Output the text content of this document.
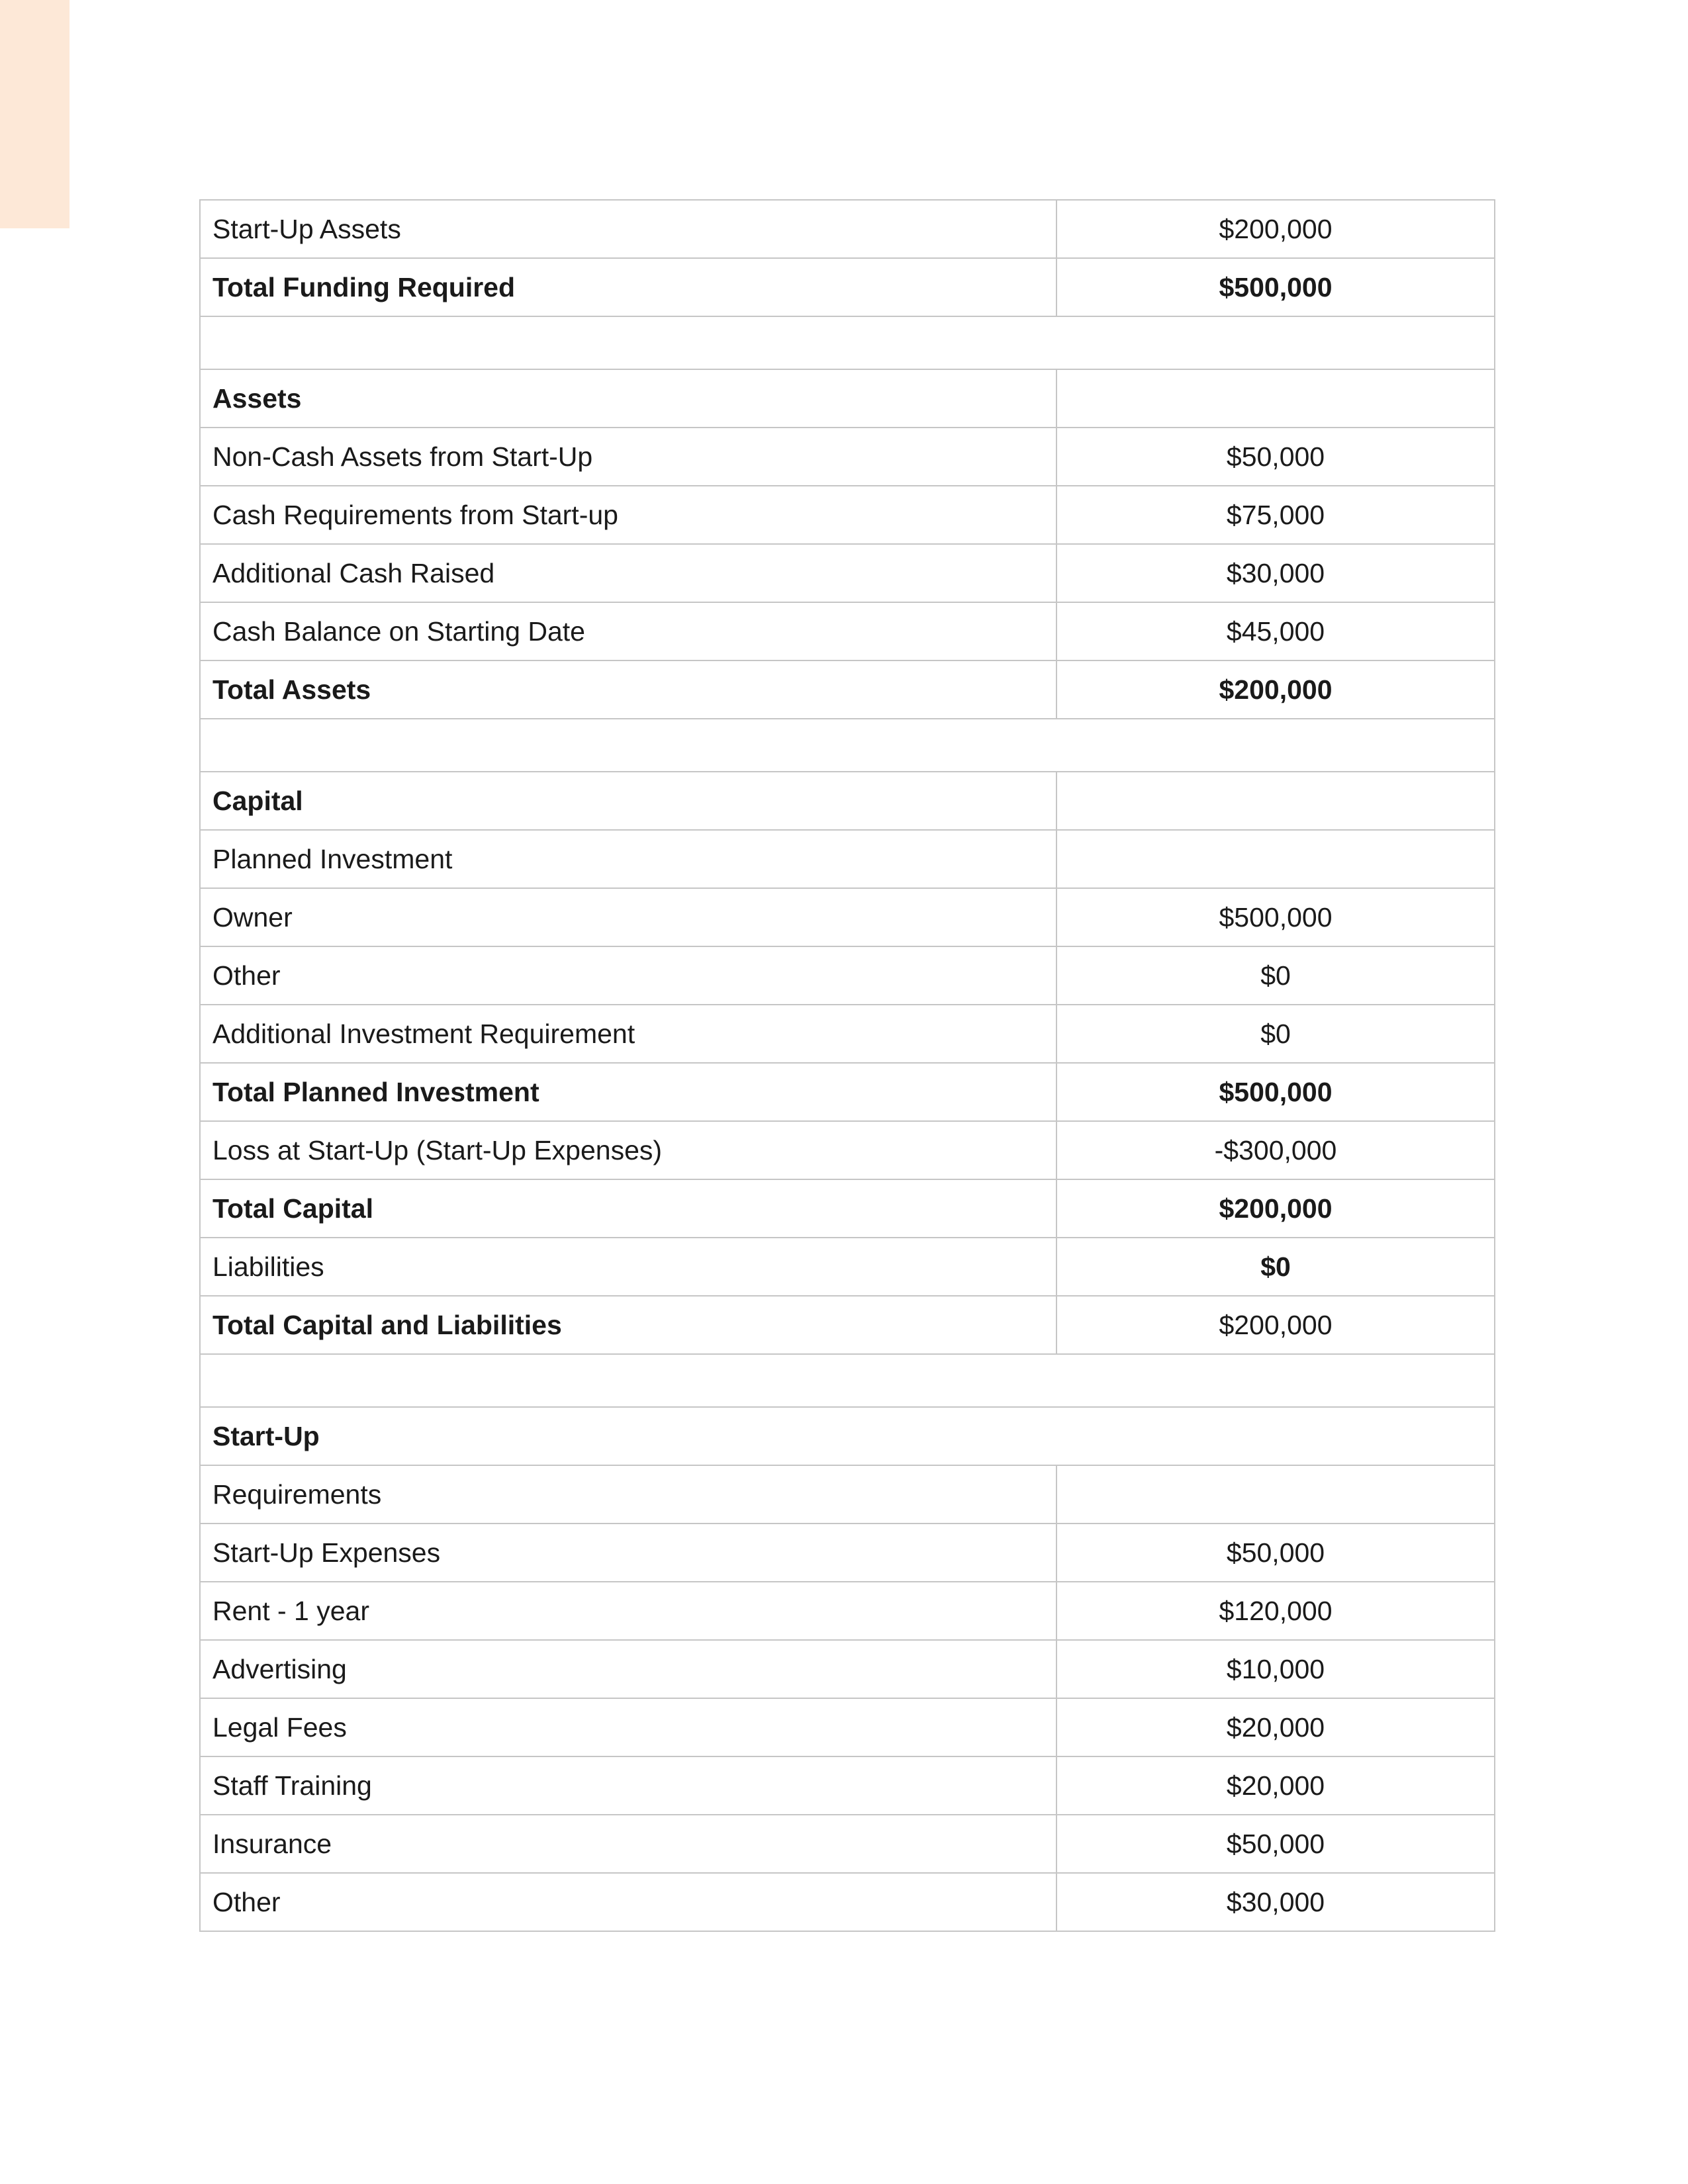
Start-Up Assets	$200,000
Total Funding Required	$500,000

Assets	
Non-Cash Assets from Start-Up	$50,000
Cash Requirements from Start-up	$75,000
Additional Cash Raised	$30,000
Cash Balance on Starting Date	$45,000
Total Assets	$200,000

Capital	
Planned Investment	
Owner	$500,000
Other	$0
Additional Investment Requirement	$0
Total Planned Investment	$500,000
Loss at Start-Up (Start-Up Expenses)	-$300,000
Total Capital	$200,000
Liabilities	$0
Total Capital and Liabilities	$200,000

Start-Up	
Requirements	
Start-Up Expenses	$50,000
Rent - 1 year	$120,000
Advertising	$10,000
Legal Fees	$20,000
Staff Training	$20,000
Insurance	$50,000
Other	$30,000
